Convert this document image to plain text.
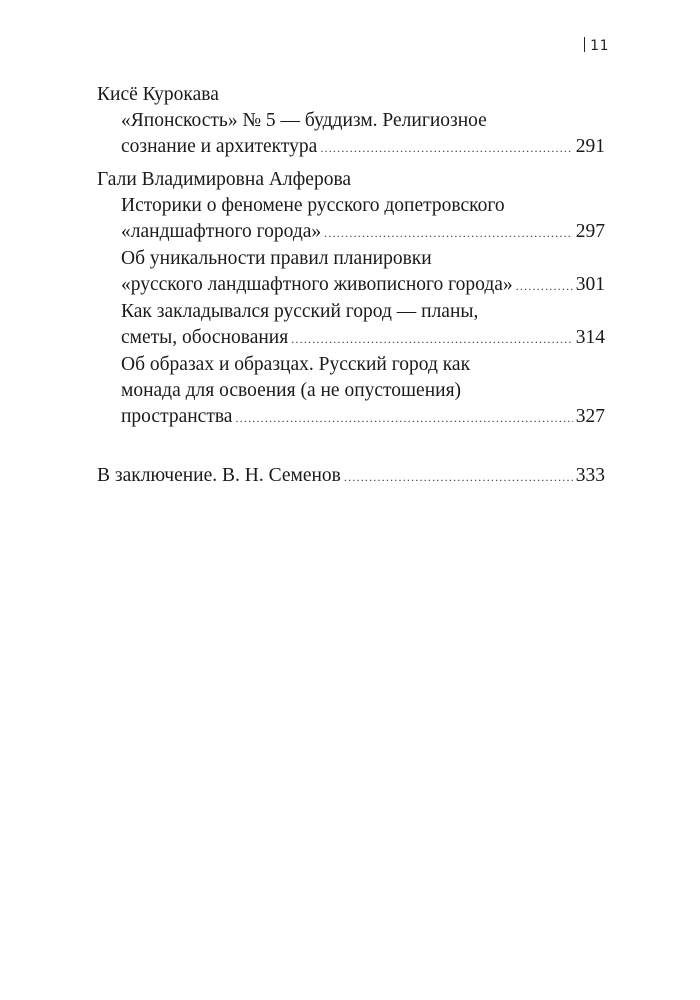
11
Кисё Курокава
«Японскость» № 5 — буддизм. Религиозное
сознание и архитектура .....	291
Гали Владимировна Алферова
Историки о феномене русского допетровского
«ландшафтного города» .....	297
Об уникальности правил планировки
«русского ландшафтного живописного города» .....	301
Как закладывался русский город — планы,
сметы, обоснования .....	314
Об образах и образцах. Русский город как
монада для освоения (а не опустошения)
пространства .....	327
В заключение. В. Н. Семенов .....	333
